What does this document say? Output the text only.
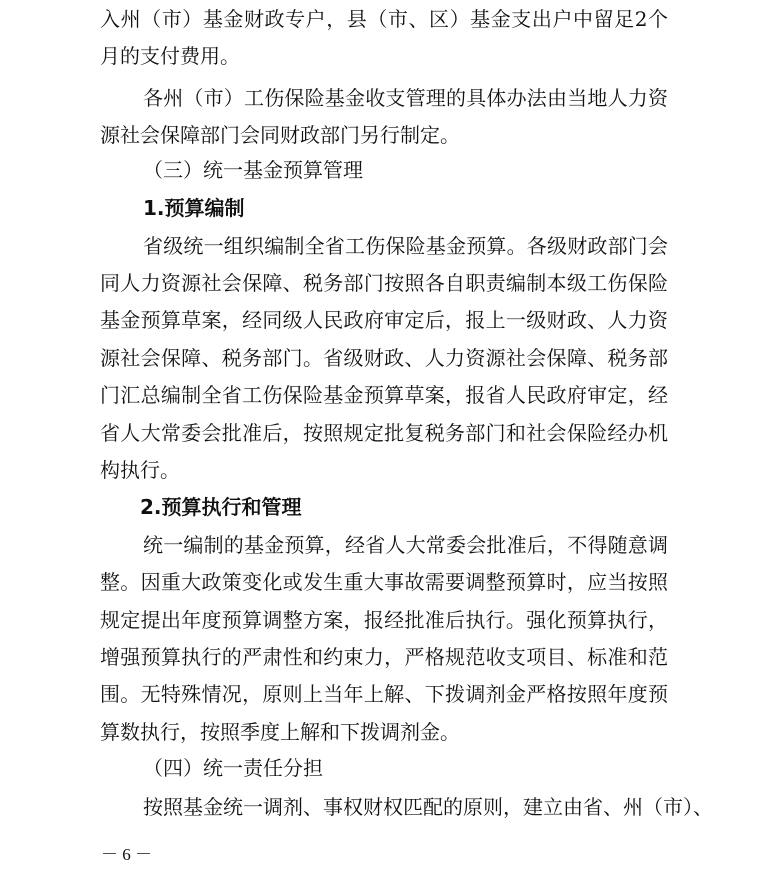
入州（市）基金财政专户，县（市、区）基金支出户中留足2个
月的支付费用。
各州（市）工伤保险基金收支管理的具体办法由当地人力资
源社会保障部门会同财政部门另行制定。
（三）统一基金预算管理
1.预算编制
省级统一组织编制全省工伤保险基金预算。各级财政部门会
同人力资源社会保障、税务部门按照各自职责编制本级工伤保险
基金预算草案，经同级人民政府审定后，报上一级财政、人力资
源社会保障、税务部门。省级财政、人力资源社会保障、税务部
门汇总编制全省工伤保险基金预算草案，报省人民政府审定，经
省人大常委会批准后，按照规定批复税务部门和社会保险经办机
构执行。
2.预算执行和管理
统一编制的基金预算，经省人大常委会批准后，不得随意调
整。因重大政策变化或发生重大事故需要调整预算时，应当按照
规定提出年度预算调整方案，报经批准后执行。强化预算执行，
增强预算执行的严肃性和约束力，严格规范收支项目、标准和范
围。无特殊情况，原则上当年上解、下拨调剂金严格按照年度预
算数执行，按照季度上解和下拨调剂金。
（四）统一责任分担
按照基金统一调剂、事权财权匹配的原则，建立由省、州（市）、
－ 6 －
